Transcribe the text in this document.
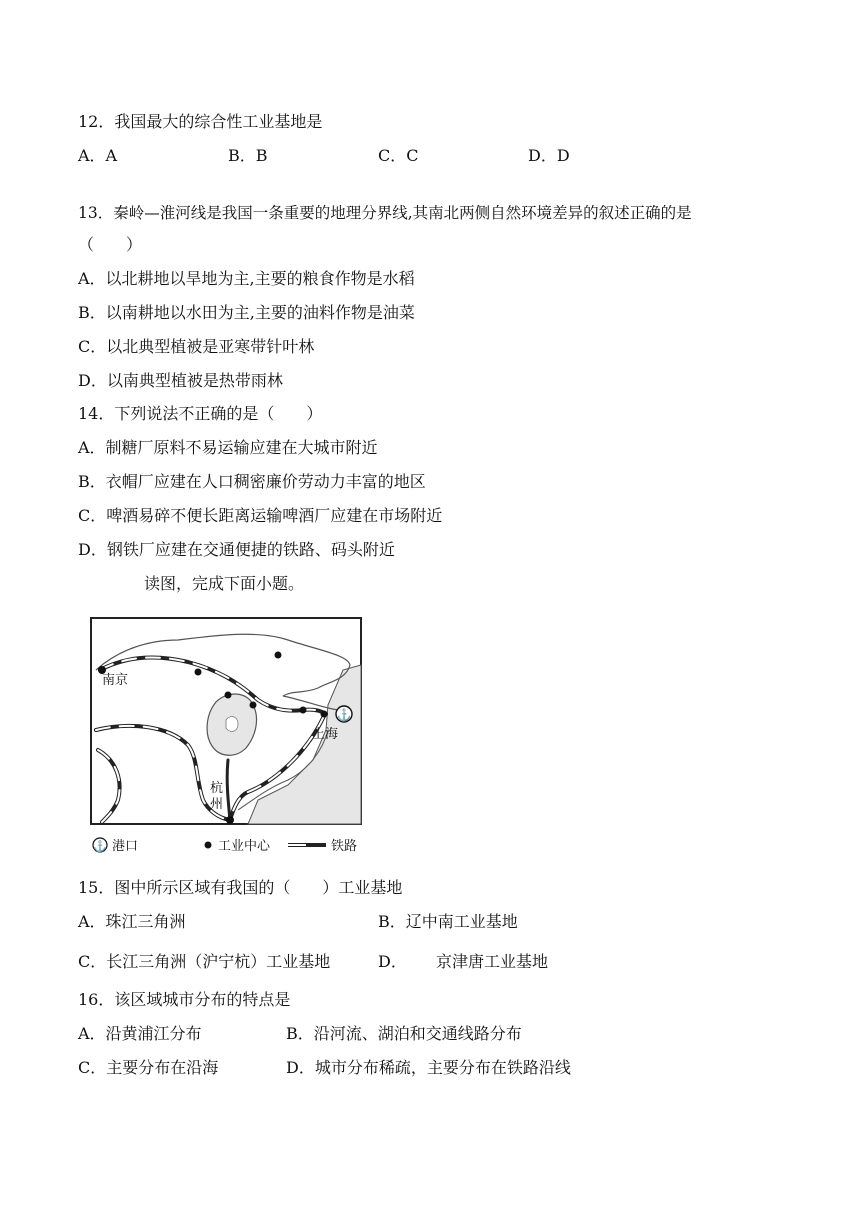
12．我国最大的综合性工业基地是
A．A	B．B	C．C	D．D
13．秦岭—淮河线是我国一条重要的地理分界线,其南北两侧自然环境差异的叙述正确的是
（　　）
A．以北耕地以旱地为主,主要的粮食作物是水稻
B．以南耕地以水田为主,主要的油料作物是油菜
C．以北典型植被是亚寒带针叶林
D．以南典型植被是热带雨林
14．下列说法不正确的是（　　）
A．制糖厂原料不易运输应建在大城市附近
B．衣帽厂应建在人口稠密廉价劳动力丰富的地区
C．啤酒易碎不便长距离运输啤酒厂应建在市场附近
D．钢铁厂应建在交通便捷的铁路、码头附近
读图，完成下面小题。
⚓
南京
上海
杭
州
⚓ 港口	工业中心	铁路
15．图中所示区域有我国的（　　）工业基地
A．珠江三角洲	B．辽中南工业基地
C．长江三角洲（沪宁杭）工业基地	D． 京津唐工业基地
16．该区域城市分布的特点是
A．沿黄浦江分布	B．沿河流、湖泊和交通线路分布
C．主要分布在沿海	D．城市分布稀疏，主要分布在铁路沿线
